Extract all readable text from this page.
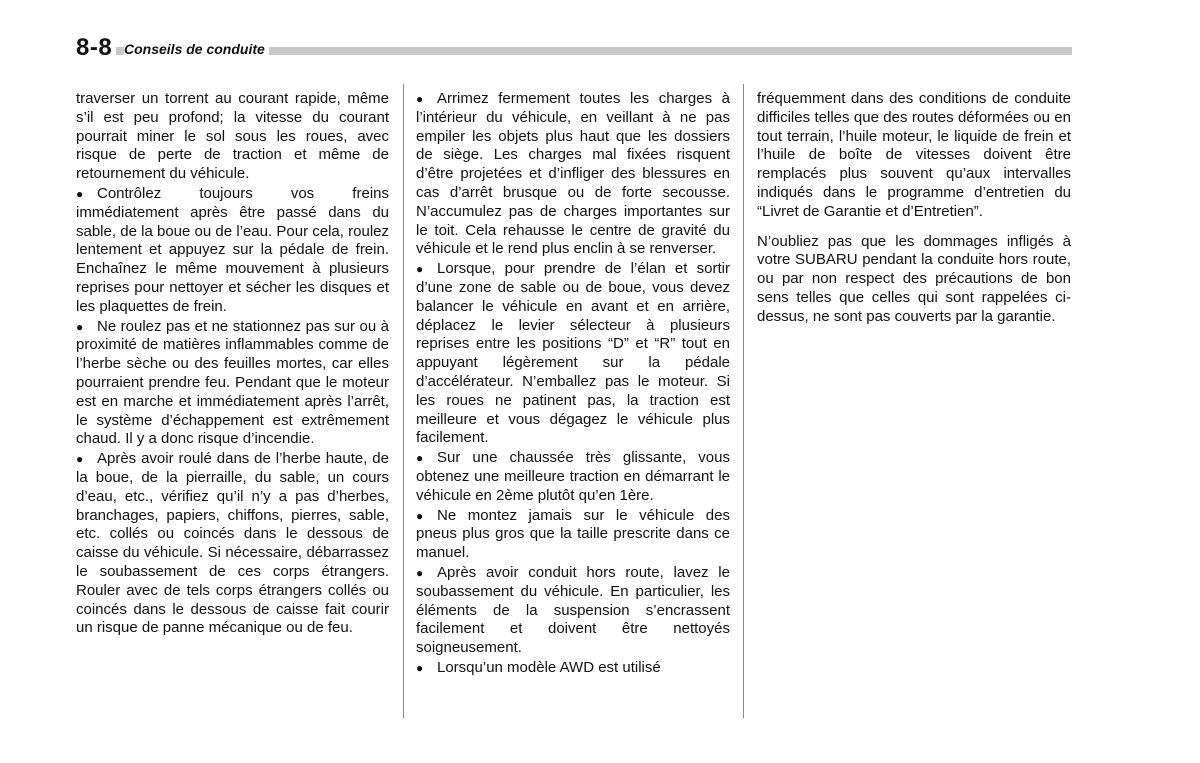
8-8 Conseils de conduite

traverser un torrent au courant rapide, même s’il est peu profond; la vitesse du courant pourrait miner le sol sous les roues, avec risque de perte de traction et même de retournement du véhicule.

● Contrôlez toujours vos freins immédiatement après être passé dans du sable, de la boue ou de l’eau. Pour cela, roulez lentement et appuyez sur la pédale de frein. Enchaînez le même mouvement à plusieurs reprises pour nettoyer et sécher les disques et les plaquettes de frein.

● Ne roulez pas et ne stationnez pas sur ou à proximité de matières inflammables comme de l’herbe sèche ou des feuilles mortes, car elles pourraient prendre feu. Pendant que le moteur est en marche et immédiatement après l’arrêt, le système d’échappement est extrêmement chaud. Il y a donc risque d’incendie.

● Après avoir roulé dans de l’herbe haute, de la boue, de la pierraille, du sable, un cours d’eau, etc., vérifiez qu’il n’y a pas d’herbes, branchages, papiers, chiffons, pierres, sable, etc. collés ou coincés dans le dessous de caisse du véhicule. Si nécessaire, débarrassez le soubassement de ces corps étrangers. Rouler avec de tels corps étrangers collés ou coincés dans le dessous de caisse fait courir un risque de panne mécanique ou de feu.

● Arrimez fermement toutes les charges à l’intérieur du véhicule, en veillant à ne pas empiler les objets plus haut que les dossiers de siège. Les charges mal fixées risquent d’être projetées et d’infliger des blessures en cas d’arrêt brusque ou de forte secousse. N’accumulez pas de charges importantes sur le toit. Cela rehausse le centre de gravité du véhicule et le rend plus enclin à se renverser.

● Lorsque, pour prendre de l’élan et sortir d’une zone de sable ou de boue, vous devez balancer le véhicule en avant et en arrière, déplacez le levier sélecteur à plusieurs reprises entre les positions “D” et “R” tout en appuyant légèrement sur la pédale d’accélérateur. N’emballez pas le moteur. Si les roues ne patinent pas, la traction est meilleure et vous dégagez le véhicule plus facilement.

● Sur une chaussée très glissante, vous obtenez une meilleure traction en démarrant le véhicule en 2ème plutôt qu’en 1ère.

● Ne montez jamais sur le véhicule des pneus plus gros que la taille prescrite dans ce manuel.

● Après avoir conduit hors route, lavez le soubassement du véhicule. En particulier, les éléments de la suspension s’encrassent facilement et doivent être nettoyés soigneusement.

● Lorsqu’un modèle AWD est utilisé

fréquemment dans des conditions de conduite difficiles telles que des routes déformées ou en tout terrain, l’huile moteur, le liquide de frein et l’huile de boîte de vitesses doivent être remplacés plus souvent qu’aux intervalles indiqués dans le programme d’entretien du “Livret de Garantie et d’Entretien”.

N’oubliez pas que les dommages infligés à votre SUBARU pendant la conduite hors route, ou par non respect des précautions de bon sens telles que celles qui sont rappelées ci-dessus, ne sont pas couverts par la garantie.
